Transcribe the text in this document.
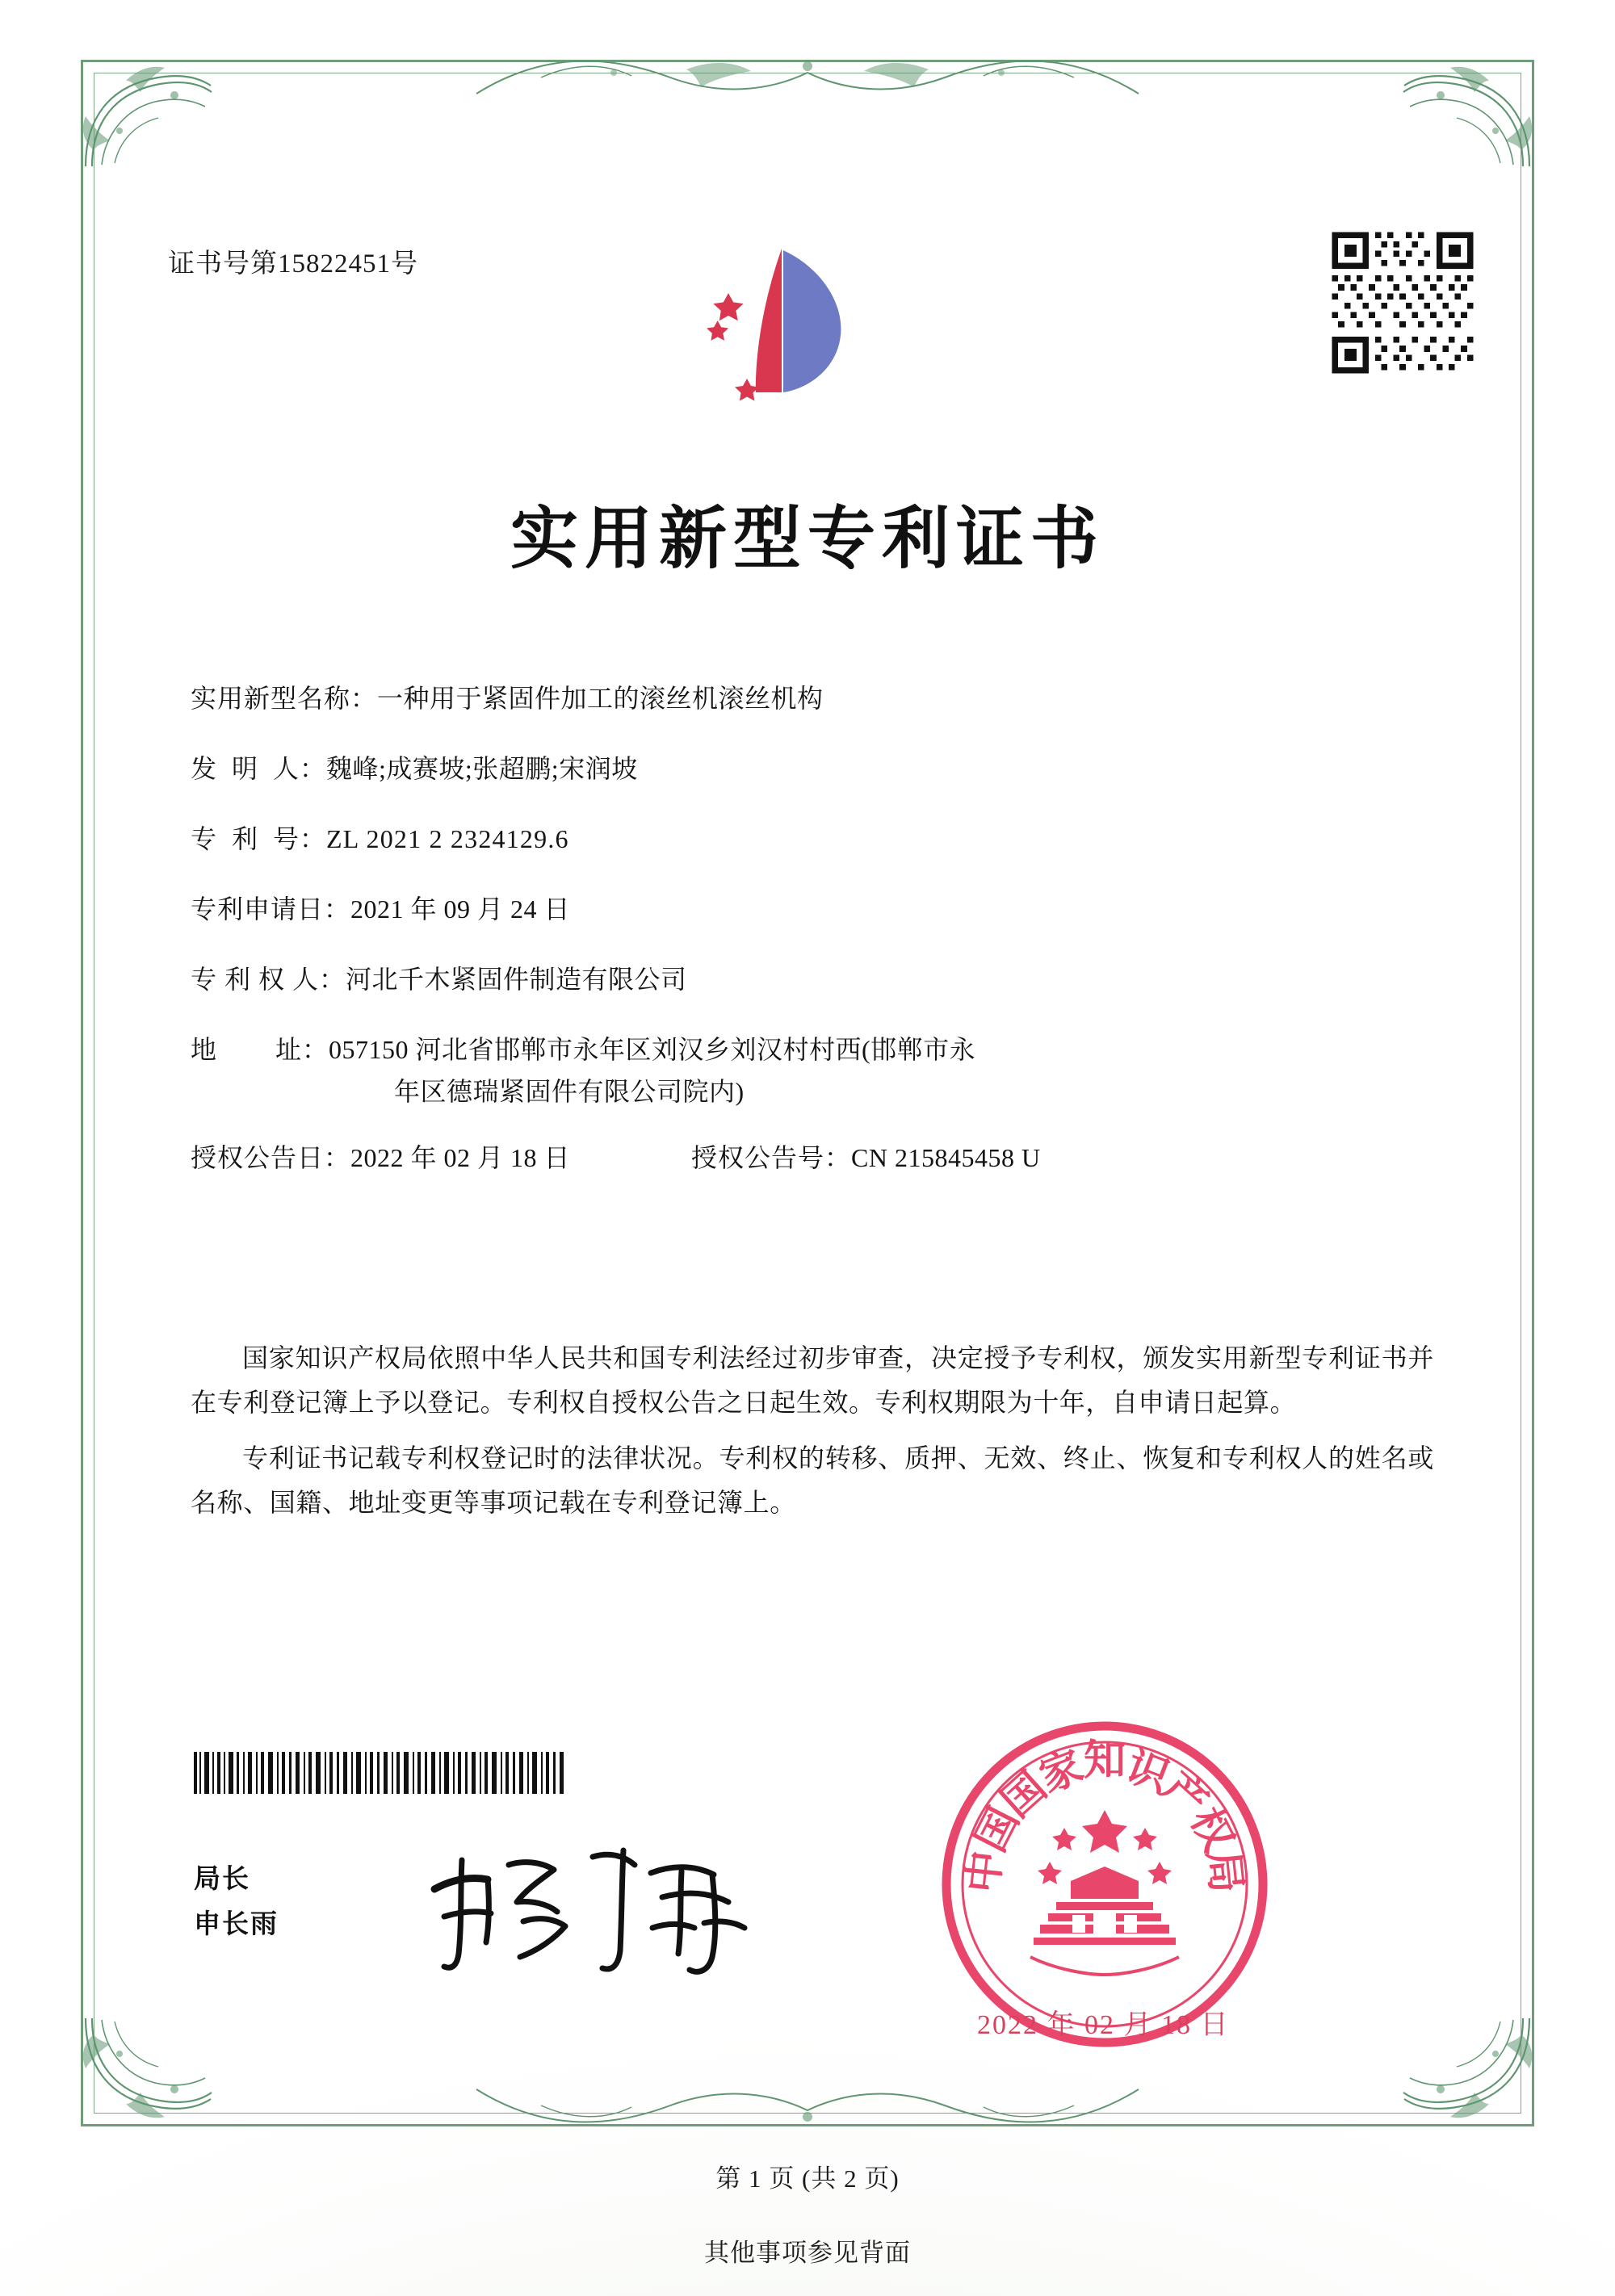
证书号第15822451号
实用新型专利证书
实用新型名称： 一种用于紧固件加工的滚丝机滚丝机构
发  明  人： 魏峰;成赛坡;张超鹏;宋润坡
专  利  号： ZL 2021 2 2324129.6
专利申请日： 2021 年 09 月 24 日
专 利 权 人： 河北千木紧固件制造有限公司
地        址： 057150 河北省邯郸市永年区刘汉乡刘汉村村西(邯郸市永
年区德瑞紧固件有限公司院内)
授权公告日： 2022 年 02 月 18 日	授权公告号： CN 215845458 U

国家知识产权局依照中华人民共和国专利法经过初步审查，决定授予专利权，颁发实用新型专利证书并在专利登记簿上予以登记。专利权自授权公告之日起生效。专利权期限为十年，自申请日起算。

专利证书记载专利权登记时的法律状况。专利权的转移、质押、无效、终止、恢复和专利权人的姓名或名称、国籍、地址变更等事项记载在专利登记簿上。

局长
申长雨
国
家
知
识
产
权
局
国
中
2022 年 02 月 18 日
第 1 页 (共 2 页)
其他事项参见背面
